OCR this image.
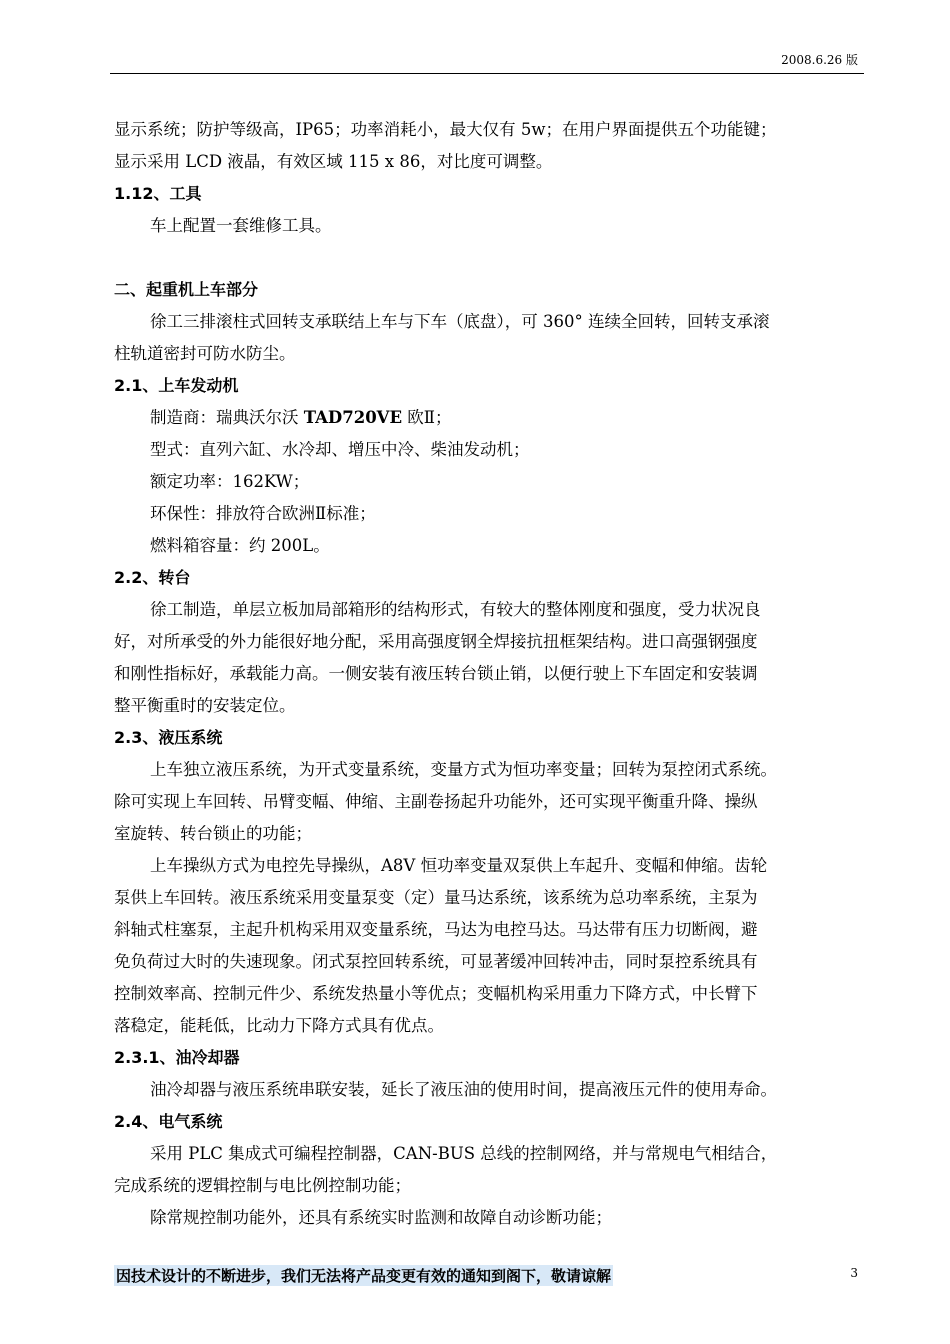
2008.6.26 版

显示系统；防护等级高，IP65；功率消耗小，最大仅有 5w；在用户界面提供五个功能键；

显示采用 LCD 液晶，有效区域 115 x 86，对比度可调整。

1.12、工具

车上配置一套维修工具。

二、起重机上车部分

徐工三排滚柱式回转支承联结上车与下车（底盘），可 360° 连续全回转，回转支承滚

柱轨道密封可防水防尘。

2.1、上车发动机

制造商：瑞典沃尔沃 TAD720VE 欧Ⅱ；

型式：直列六缸、水冷却、增压中冷、柴油发动机；

额定功率：162KW；

环保性：排放符合欧洲Ⅱ标准；

燃料箱容量：约 200L。

2.2、转台

徐工制造，单层立板加局部箱形的结构形式，有较大的整体刚度和强度，受力状况良

好，对所承受的外力能很好地分配，采用高强度钢全焊接抗扭框架结构。进口高强钢强度

和刚性指标好，承载能力高。一侧安装有液压转台锁止销，以便行驶上下车固定和安装调

整平衡重时的安装定位。

2.3、液压系统

上车独立液压系统，为开式变量系统，变量方式为恒功率变量；回转为泵控闭式系统。

除可实现上车回转、吊臂变幅、伸缩、主副卷扬起升功能外，还可实现平衡重升降、操纵

室旋转、转台锁止的功能；

上车操纵方式为电控先导操纵，A8V 恒功率变量双泵供上车起升、变幅和伸缩。齿轮

泵供上车回转。液压系统采用变量泵变（定）量马达系统，该系统为总功率系统，主泵为

斜轴式柱塞泵，主起升机构采用双变量系统，马达为电控马达。马达带有压力切断阀，避

免负荷过大时的失速现象。闭式泵控回转系统，可显著缓冲回转冲击，同时泵控系统具有

控制效率高、控制元件少、系统发热量小等优点；变幅机构采用重力下降方式，中长臂下

落稳定，能耗低，比动力下降方式具有优点。

2.3.1、油冷却器

油冷却器与液压系统串联安装，延长了液压油的使用时间，提高液压元件的使用寿命。

2.4、电气系统

采用 PLC 集成式可编程控制器，CAN-BUS 总线的控制网络，并与常规电气相结合，

完成系统的逻辑控制与电比例控制功能；

除常规控制功能外，还具有系统实时监测和故障自动诊断功能；

因技术设计的不断进步，我们无法将产品变更有效的通知到阁下，敬请谅解	3
